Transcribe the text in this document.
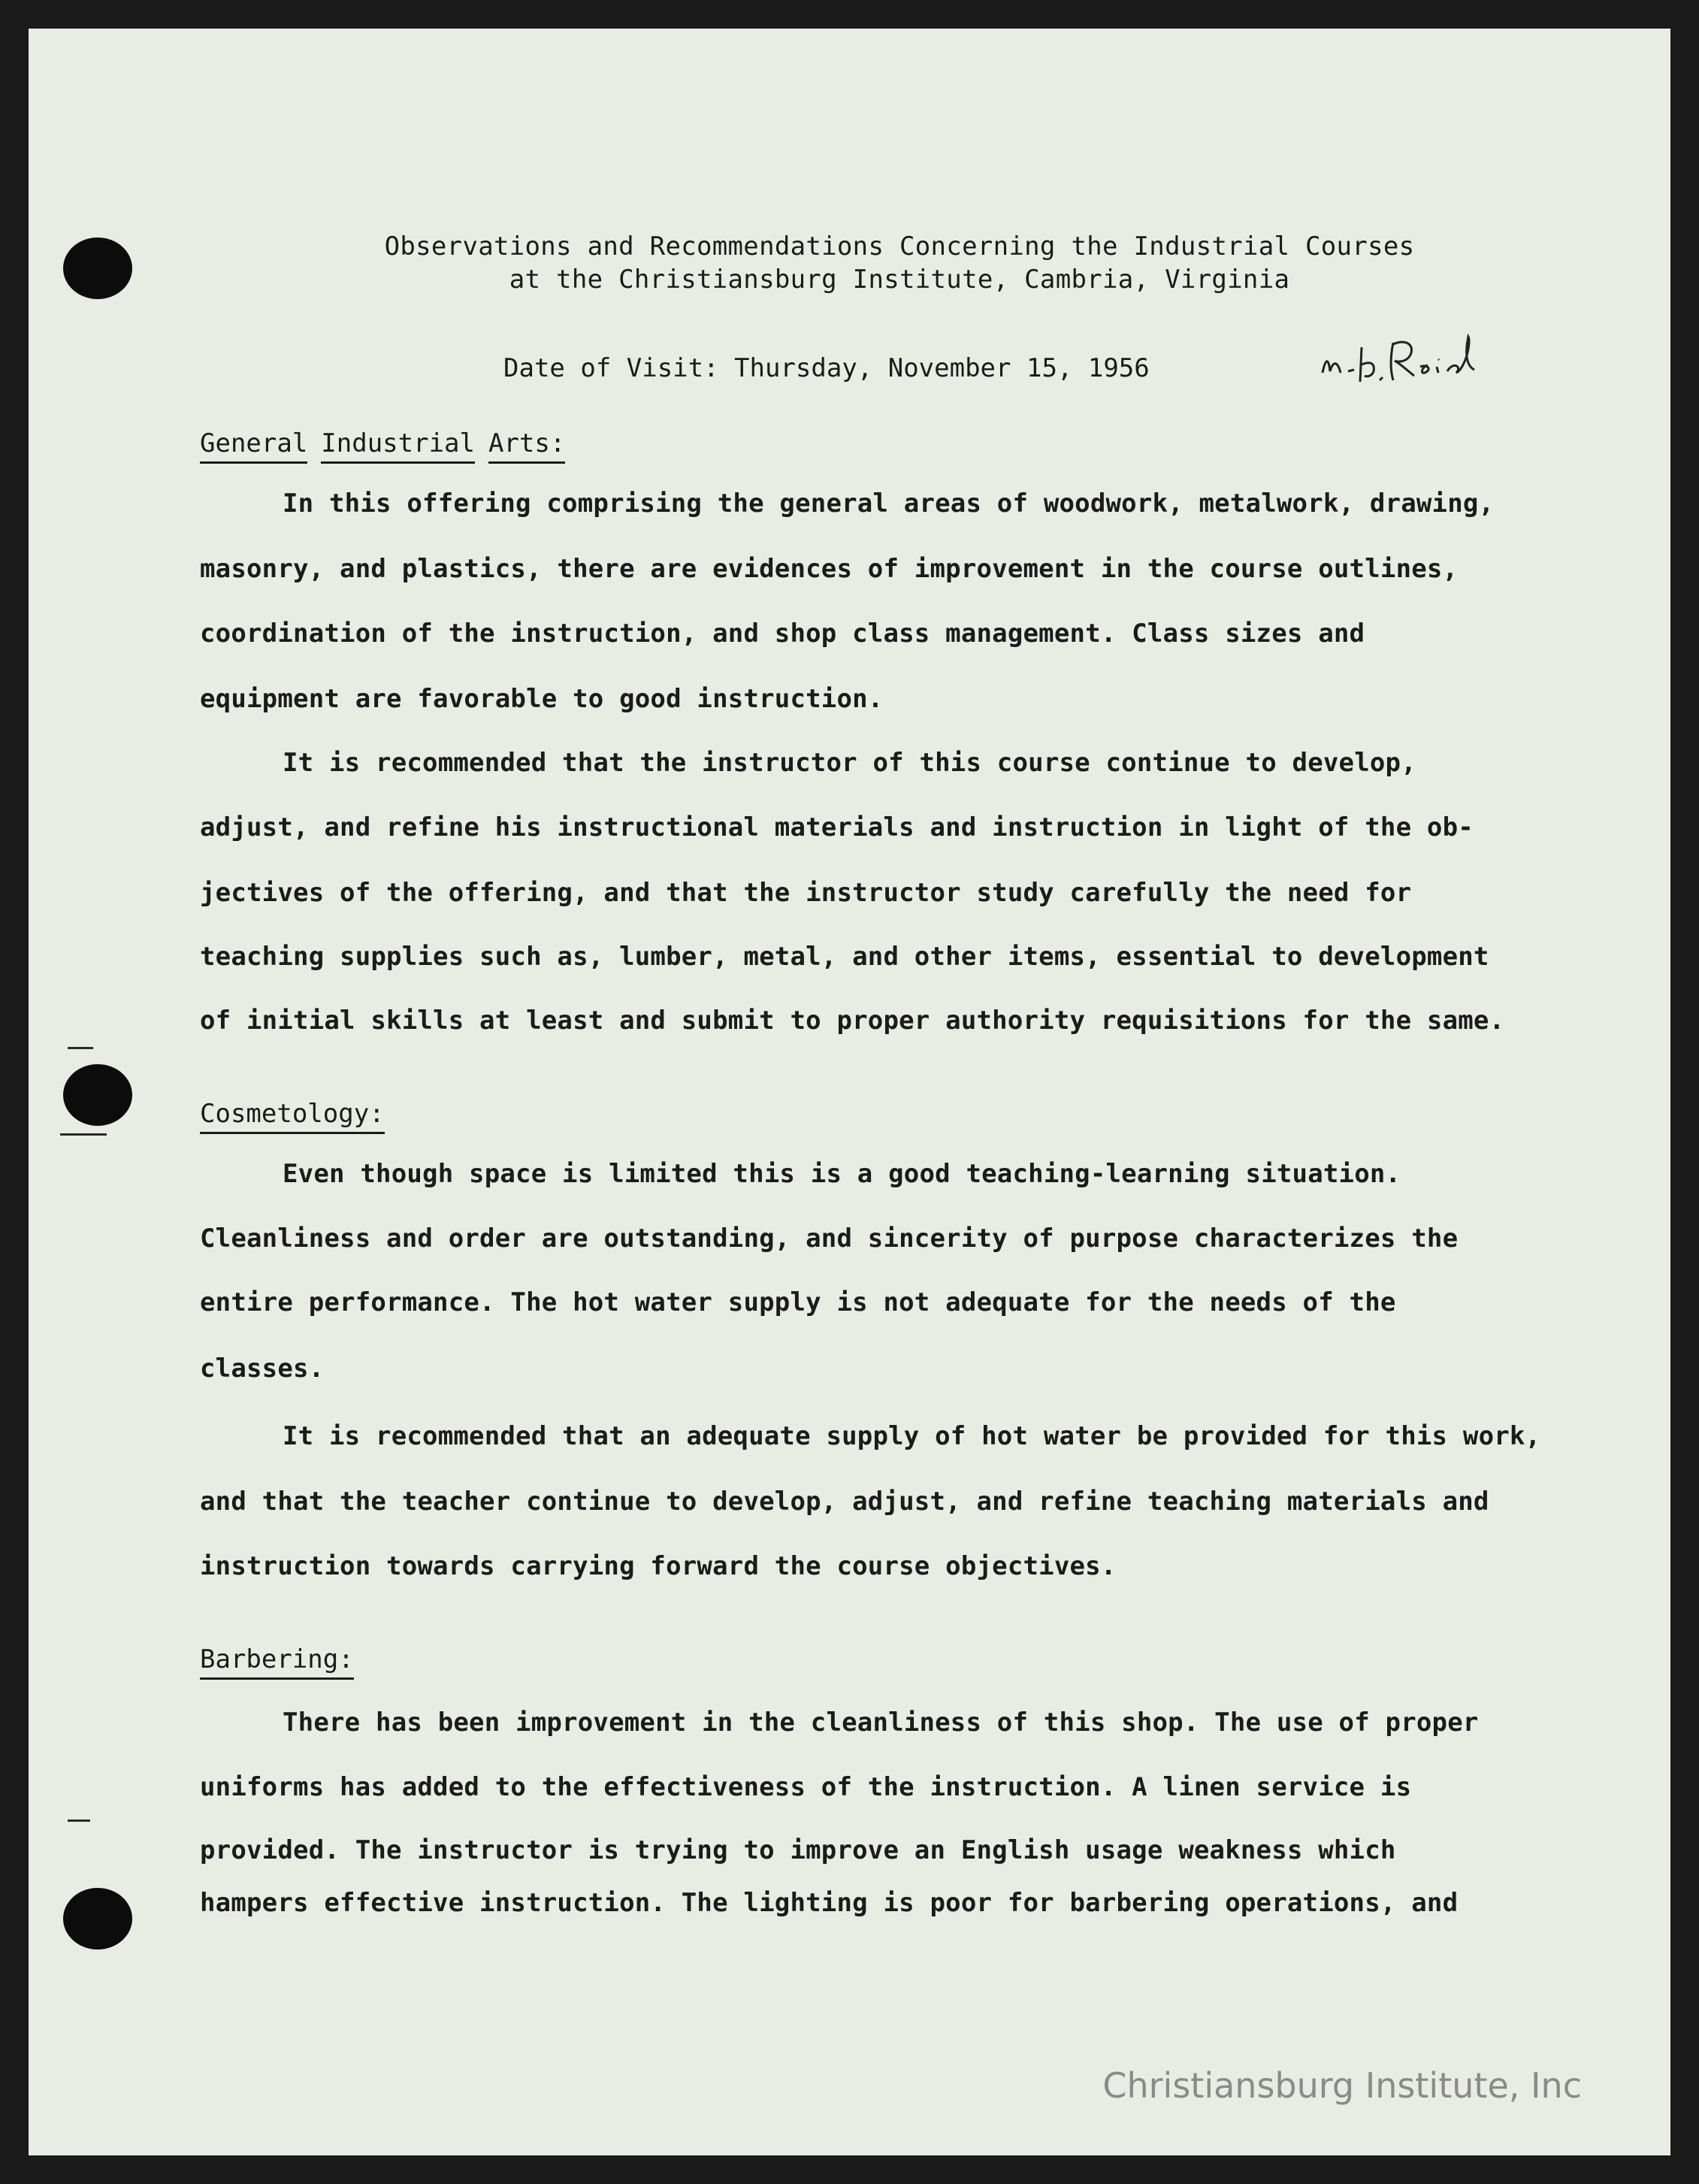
Observations and Recommendations Concerning the Industrial Courses
at the Christiansburg Institute, Cambria, Virginia
Date of Visit: Thursday, November 15, 1956
General Industrial Arts:
In this offering comprising the general areas of woodwork, metalwork, drawing,
masonry, and plastics, there are evidences of improvement in the course outlines,
coordination of the instruction, and shop class management. Class sizes and
equipment are favorable to good instruction.
It is recommended that the instructor of this course continue to develop,
adjust, and refine his instructional materials and instruction in light of the ob-
jectives of the offering, and that the instructor study carefully the need for
teaching supplies such as, lumber, metal, and other items, essential to development
of initial skills at least and submit to proper authority requisitions for the same.
Cosmetology:
Even though space is limited this is a good teaching-learning situation.
Cleanliness and order are outstanding, and sincerity of purpose characterizes the
entire performance. The hot water supply is not adequate for the needs of the
classes.
It is recommended that an adequate supply of hot water be provided for this work,
and that the teacher continue to develop, adjust, and refine teaching materials and
instruction towards carrying forward the course objectives.
Barbering:
There has been improvement in the cleanliness of this shop. The use of proper
uniforms has added to the effectiveness of the instruction. A linen service is
provided. The instructor is trying to improve an English usage weakness which
hampers effective instruction. The lighting is poor for barbering operations, and
Christiansburg Institute, Inc
